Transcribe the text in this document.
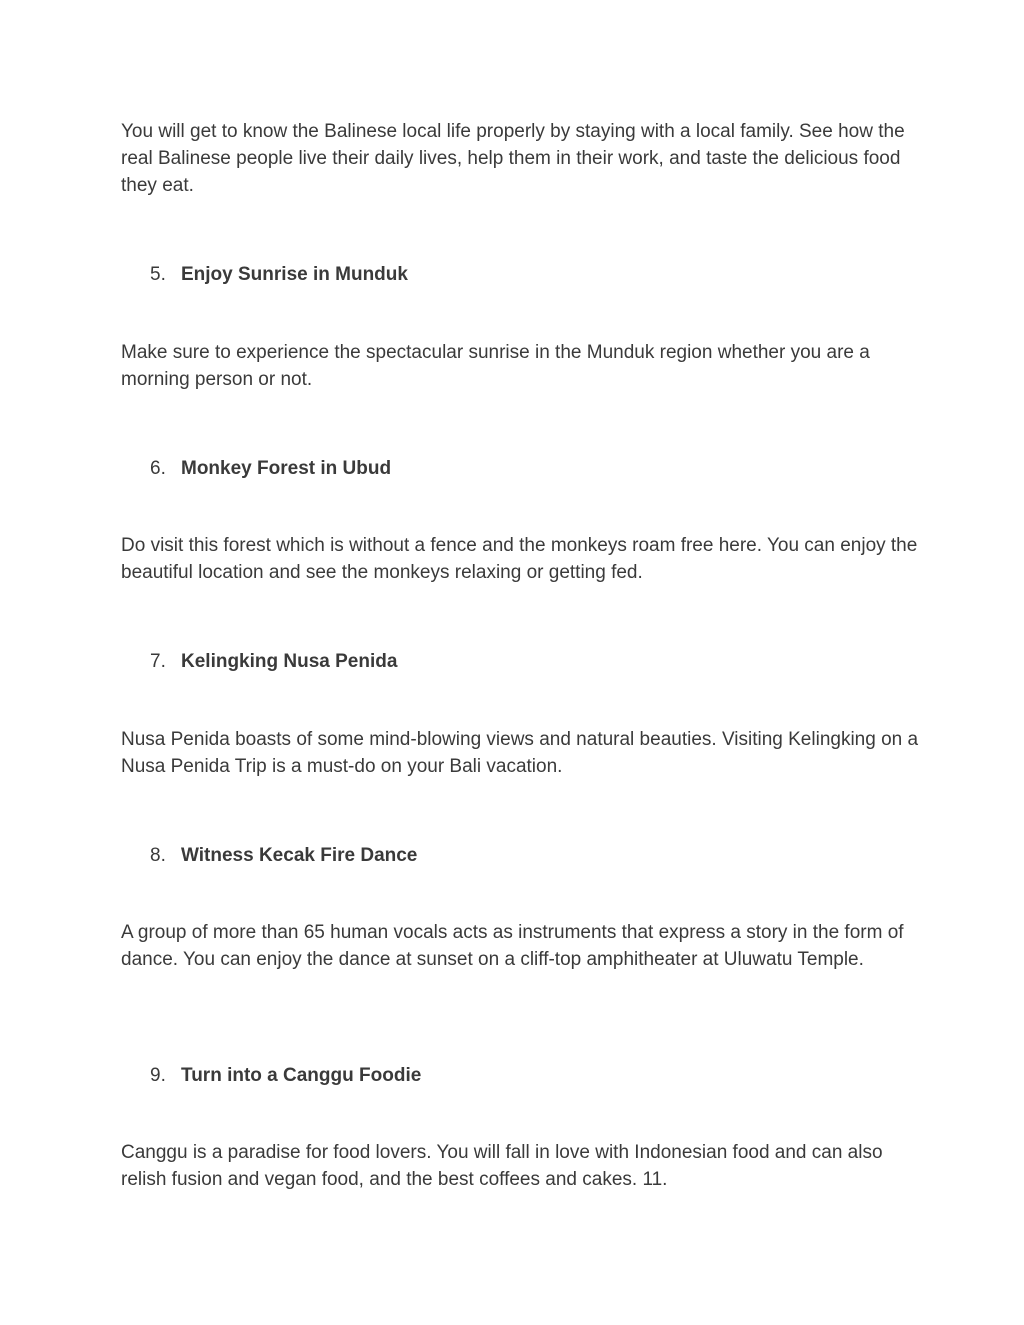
You will get to know the Balinese local life properly by staying with a local family. See how the real Balinese people live their daily lives, help them in their work, and taste the delicious food they eat.

5. Enjoy Sunrise in Munduk

Make sure to experience the spectacular sunrise in the Munduk region whether you are a morning person or not.

6. Monkey Forest in Ubud

Do visit this forest which is without a fence and the monkeys roam free here. You can enjoy the beautiful location and see the monkeys relaxing or getting fed.

7. Kelingking Nusa Penida

Nusa Penida boasts of some mind-blowing views and natural beauties. Visiting Kelingking on a Nusa Penida Trip is a must-do on your Bali vacation.

8. Witness Kecak Fire Dance

A group of more than 65 human vocals acts as instruments that express a story in the form of dance. You can enjoy the dance at sunset on a cliff-top amphitheater at Uluwatu Temple.

9. Turn into a Canggu Foodie

Canggu is a paradise for food lovers. You will fall in love with Indonesian food and can also relish fusion and vegan food, and the best coffees and cakes. 11.
